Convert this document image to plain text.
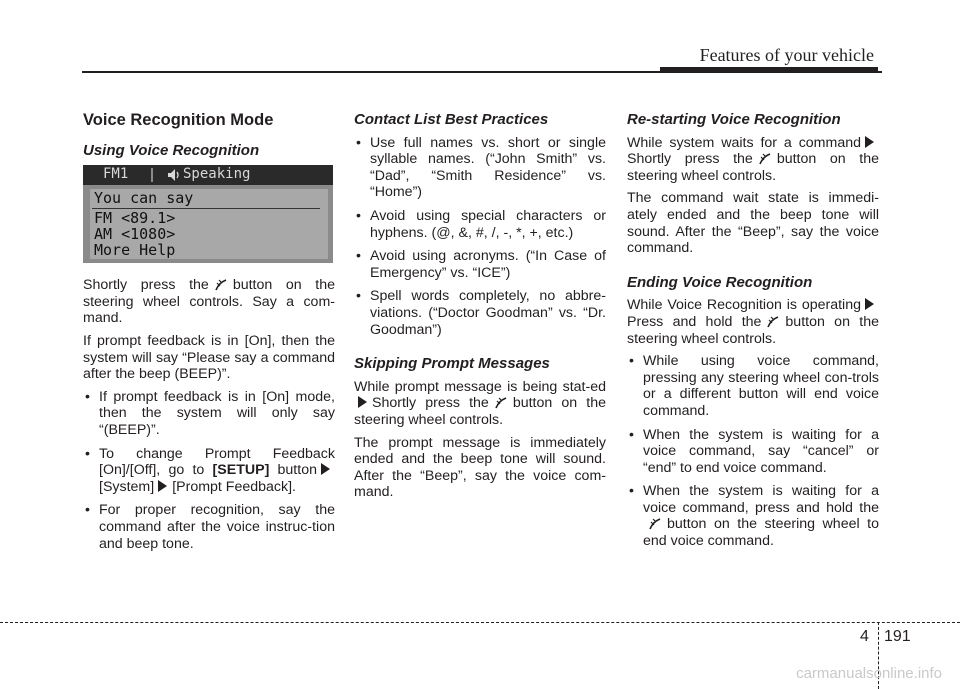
Features of your vehicle
Voice Recognition Mode
Using Voice Recognition
FM1	Speaking
You can say
FM <89.1>
AM <1080>
More Help

Shortly press the button on the steering wheel controls. Say a com-mand.

If prompt feedback is in [On], then the system will say “Please say a command after the beep (BEEP)”.

• If prompt feedback is in [On] mode, then the system will only say “(BEEP)”.
• To change Prompt Feedback [On]/[Off], go to [SETUP] button[System] [Prompt Feedback].
• For proper recognition, say the command after the voice instruc-tion and beep tone.
Contact List Best Practices
• Use full names vs. short or single syllable names. (“John Smith” vs. “Dad”, “Smith Residence” vs. “Home”)
• Avoid using special characters or hyphens. (@, &, #, /, -, *, +, etc.)
• Avoid using acronyms. (“In Case of Emergency” vs. “ICE”)
• Spell words completely, no abbre-viations. (“Doctor Goodman” vs. “Dr. Goodman”)
Skipping Prompt Messages

While prompt message is being stat-edShortly press the button on the steering wheel controls.

The prompt message is immediately ended and the beep tone will sound. After the “Beep”, say the voice com-mand.

Re-starting Voice Recognition

While system waits for a commandShortly press the button on the steering wheel controls.

The command wait state is immedi-ately ended and the beep tone will sound. After the “Beep”, say the voice command.

Ending Voice Recognition

While Voice Recognition is operatingPress and hold the button on the steering wheel controls.

• While using voice command, pressing any steering wheel con-trols or a different button will end voice command.
• When the system is waiting for a voice command, say “cancel” or “end” to end voice command.
• When the system is waiting for a voice command, press and hold thebutton on the steering wheel to end voice command.
4 191
carmanualsonline.info
